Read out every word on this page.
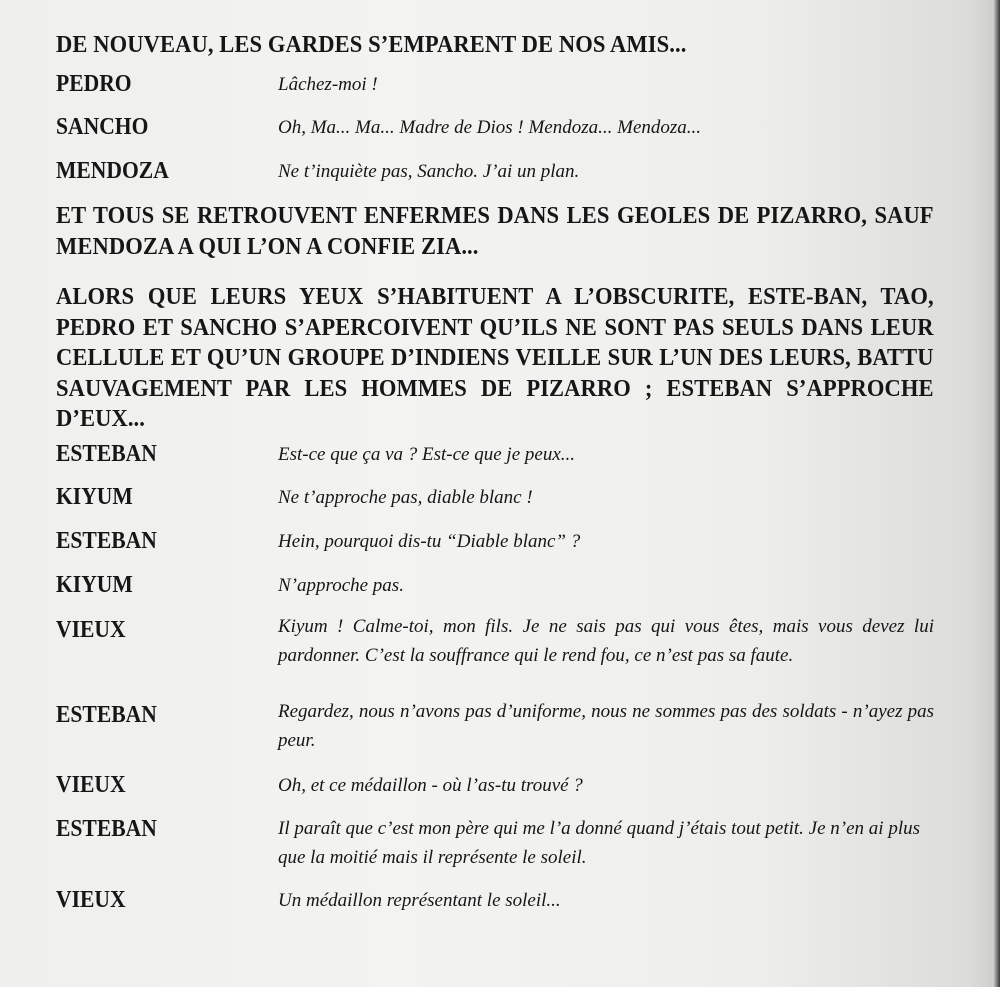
DE NOUVEAU, LES GARDES S’EMPARENT DE NOS AMIS...
PEDRO	Lâchez-moi !
SANCHO	Oh, Ma... Ma... Madre de Dios ! Mendoza... Mendoza...
MENDOZA	Ne t’inquiète pas, Sancho. J’ai un plan.
ET TOUS SE RETROUVENT ENFERMES DANS LES GEOLES DE PIZARRO, SAUF MENDOZA A QUI L’ON A CONFIE ZIA...
ALORS QUE LEURS YEUX S’HABITUENT A L’OBSCURITE, ESTE-BAN, TAO, PEDRO ET SANCHO S’APERCOIVENT QU’ILS NE SONT PAS SEULS DANS LEUR CELLULE ET QU’UN GROUPE D’INDIENS VEILLE SUR L’UN DES LEURS, BATTU SAUVAGEMENT PAR LES HOMMES DE PIZARRO ; ESTEBAN S’APPROCHE D’EUX...
ESTEBAN	Est-ce que ça va ? Est-ce que je peux...
KIYUM	Ne t’approche pas, diable blanc !
ESTEBAN	Hein, pourquoi dis-tu “Diable blanc” ?
KIYUM	N’approche pas.
VIEUX	Kiyum ! Calme-toi, mon fils. Je ne sais pas qui vous êtes, mais vous devez lui pardonner. C’est la souffrance qui le rend fou, ce n’est pas sa faute.
ESTEBAN	Regardez, nous n’avons pas d’uniforme, nous ne sommes pas des soldats - n’ayez pas peur.
VIEUX	Oh, et ce médaillon - où l’as-tu trouvé ?
ESTEBAN	Il paraît que c’est mon père qui me l’a donné quand j’étais tout petit. Je n’en ai plus que la moitié mais il représente le soleil.
VIEUX	Un médaillon représentant le soleil...
